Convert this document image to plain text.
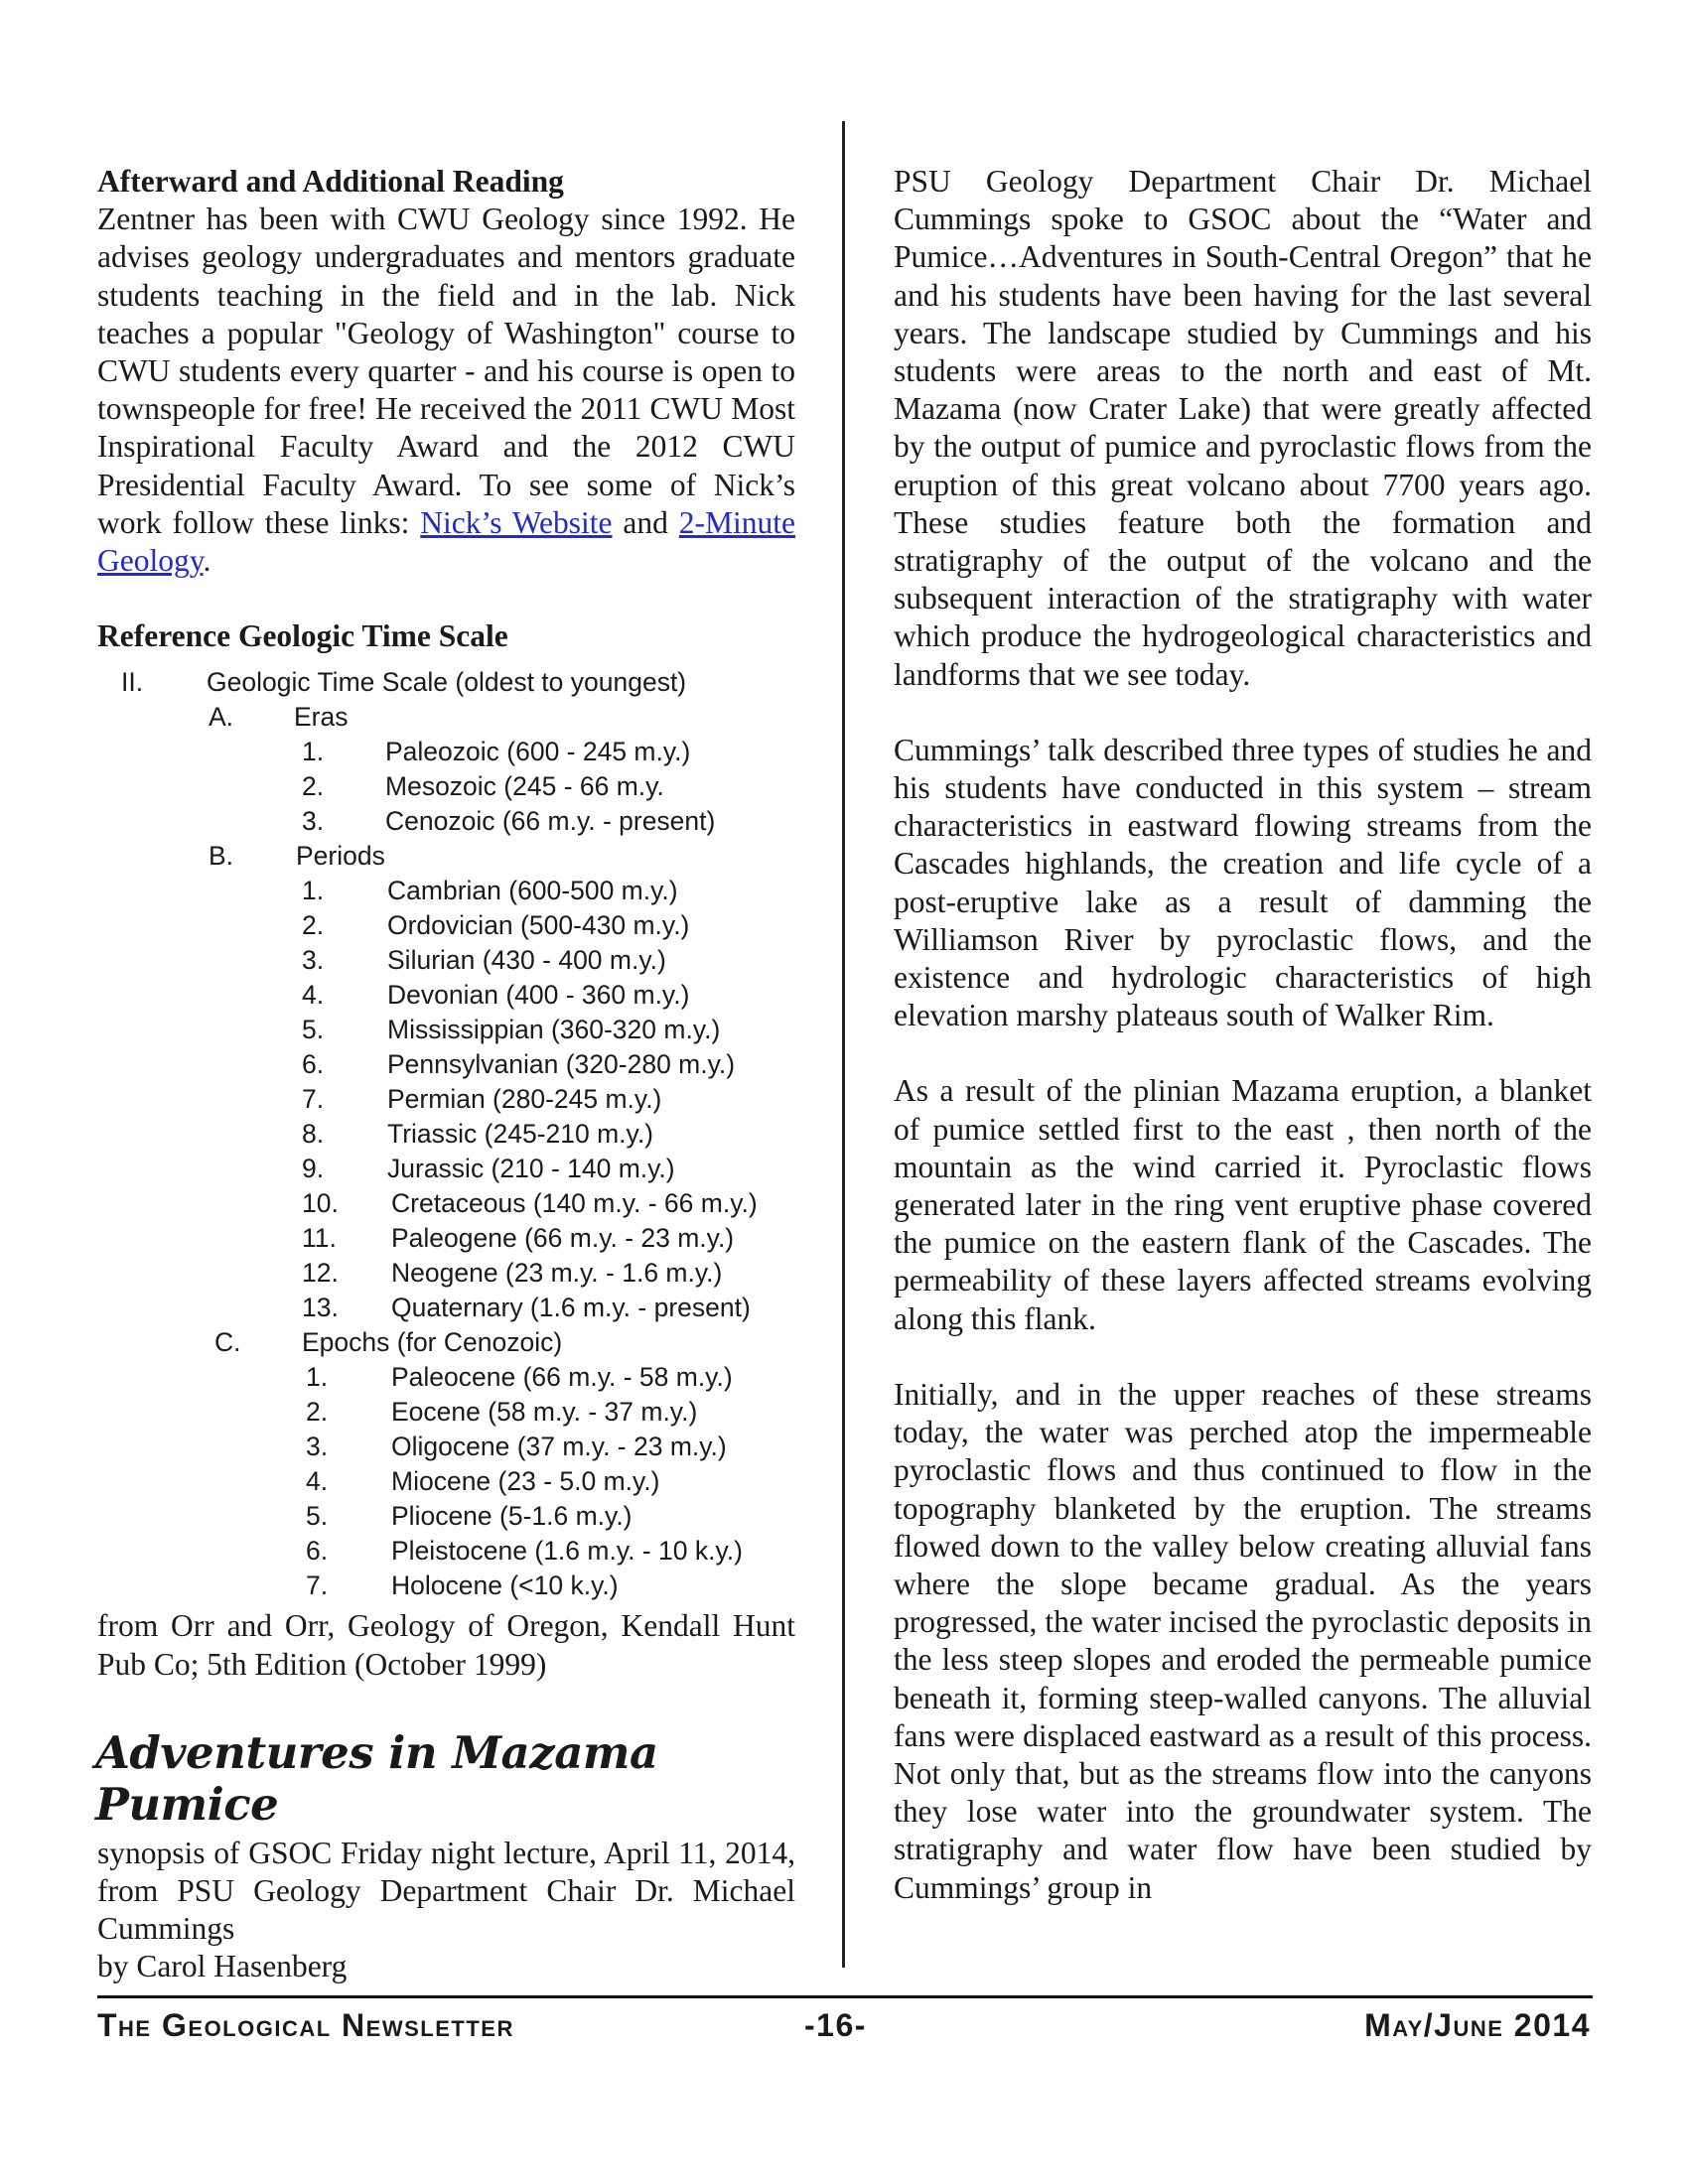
Afterward and Additional Reading

Zentner has been with CWU Geology since 1992. He advises geology undergraduates and mentors graduate students teaching in the field and in the lab. Nick teaches a popular "Geology of Washington" course to CWU students every quarter - and his course is open to townspeople for free! He received the 2011 CWU Most Inspirational Faculty Award and the 2012 CWU Presidential Faculty Award. To see some of Nick’s work follow these links: Nick’s Website and 2-Minute Geology.

Reference Geologic Time Scale
II. Geologic Time Scale (oldest to youngest)
A. Eras
1. Paleozoic (600 - 245 m.y.)
2. Mesozoic (245 - 66 m.y.
3. Cenozoic (66 m.y. - present)
B. Periods
1. Cambrian (600-500 m.y.)
2. Ordovician (500-430 m.y.)
3. Silurian (430 - 400 m.y.)
4. Devonian (400 - 360 m.y.)
5. Mississippian (360-320 m.y.)
6. Pennsylvanian (320-280 m.y.)
7. Permian (280-245 m.y.)
8. Triassic (245-210 m.y.)
9. Jurassic (210 - 140 m.y.)
10. Cretaceous (140 m.y. - 66 m.y.)
11. Paleogene (66 m.y. - 23 m.y.)
12. Neogene (23 m.y. - 1.6 m.y.)
13. Quaternary (1.6 m.y. - present)
C. Epochs (for Cenozoic)
1. Paleocene (66 m.y. - 58 m.y.)
2. Eocene (58 m.y. - 37 m.y.)
3. Oligocene (37 m.y. - 23 m.y.)
4. Miocene (23 - 5.0 m.y.)
5. Pliocene (5-1.6 m.y.)
6. Pleistocene (1.6 m.y. - 10 k.y.)
7. Holocene (<10 k.y.)

from Orr and Orr, Geology of Oregon, Kendall Hunt Pub Co; 5th Edition (October 1999)

Adventures in Mazama Pumice

synopsis of GSOC Friday night lecture, April 11, 2014, from PSU Geology Department Chair Dr. Michael Cummings

by Carol Hasenberg

PSU Geology Department Chair Dr. Michael Cummings spoke to GSOC about the “Water and Pumice…Adventures in South-Central Oregon” that he and his students have been having for the last several years. The landscape studied by Cummings and his students were areas to the north and east of Mt. Mazama (now Crater Lake) that were greatly affected by the output of pumice and pyroclastic flows from the eruption of this great volcano about 7700 years ago. These studies feature both the formation and stratigraphy of the output of the volcano and the subsequent interaction of the stratigraphy with water which produce the hydrogeological characteristics and landforms that we see today.

Cummings’ talk described three types of studies he and his students have conducted in this system – stream characteristics in eastward flowing streams from the Cascades highlands, the creation and life cycle of a post-eruptive lake as a result of damming the Williamson River by pyroclastic flows, and the existence and hydrologic characteristics of high elevation marshy plateaus south of Walker Rim.

As a result of the plinian Mazama eruption, a blanket of pumice settled first to the east , then north of the mountain as the wind carried it. Pyroclastic flows generated later in the ring vent eruptive phase covered the pumice on the eastern flank of the Cascades. The permeability of these layers affected streams evolving along this flank.

Initially, and in the upper reaches of these streams today, the water was perched atop the impermeable pyroclastic flows and thus continued to flow in the topography blanketed by the eruption. The streams flowed down to the valley below creating alluvial fans where the slope became gradual. As the years progressed, the water incised the pyroclastic deposits in the less steep slopes and eroded the permeable pumice beneath it, forming steep-walled canyons. The alluvial fans were displaced eastward as a result of this process. Not only that, but as the streams flow into the canyons they lose water into the groundwater system. The stratigraphy and water flow have been studied by Cummings’ group in

The Geological Newsletter	-16-	May/June 2014
